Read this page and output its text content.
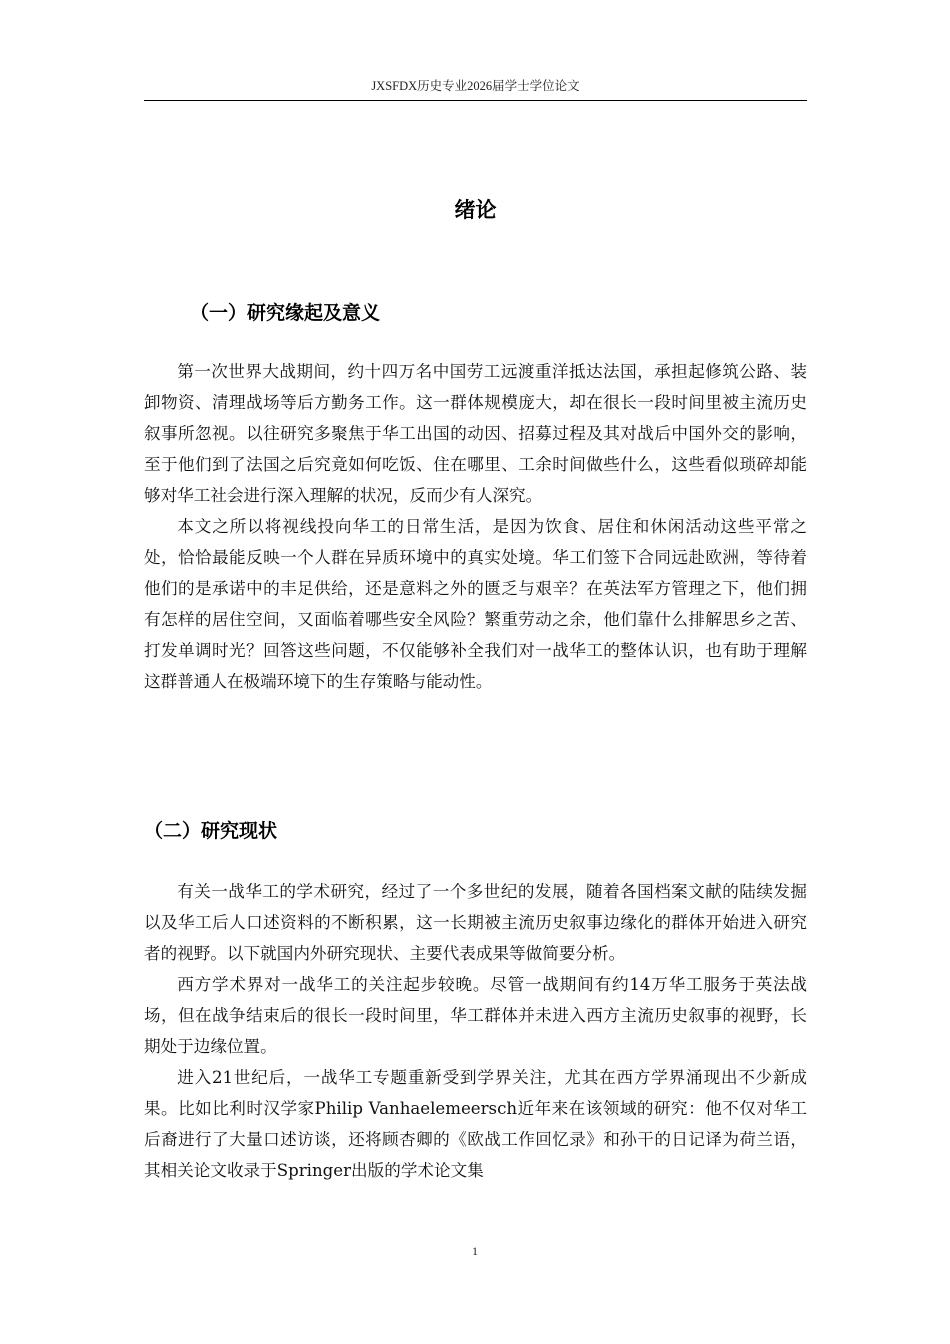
JXSFDX历史专业2026届学士学位论文
绪论
（一）研究缘起及意义

第一次世界大战期间，约十四万名中国劳工远渡重洋抵达法国，承担起修筑公路、装卸物资、清理战场等后方勤务工作。这一群体规模庞大，却在很长一段时间里被主流历史叙事所忽视。以往研究多聚焦于华工出国的动因、招募过程及其对战后中国外交的影响，至于他们到了法国之后究竟如何吃饭、住在哪里、工余时间做些什么，这些看似琐碎却能够对华工社会进行深入理解的状况，反而少有人深究。

本文之所以将视线投向华工的日常生活，是因为饮食、居住和休闲活动这些平常之处，恰恰最能反映一个人群在异质环境中的真实处境。华工们签下合同远赴欧洲，等待着他们的是承诺中的丰足供给，还是意料之外的匮乏与艰辛？在英法军方管理之下，他们拥有怎样的居住空间，又面临着哪些安全风险？繁重劳动之余，他们靠什么排解思乡之苦、打发单调时光？回答这些问题，不仅能够补全我们对一战华工的整体认识，也有助于理解这群普通人在极端环境下的生存策略与能动性。

（二）研究现状

有关一战华工的学术研究，经过了一个多世纪的发展，随着各国档案文献的陆续发掘以及华工后人口述资料的不断积累，这一长期被主流历史叙事边缘化的群体开始进入研究者的视野。以下就国内外研究现状、主要代表成果等做简要分析。

西方学术界对一战华工的关注起步较晚。尽管一战期间有约14万华工服务于英法战场，但在战争结束后的很长一段时间里，华工群体并未进入西方主流历史叙事的视野，长期处于边缘位置。

进入21世纪后，一战华工专题重新受到学界关注，尤其在西方学界涌现出不少新成果。比如比利时汉学家Philip Vanhaelemeersch近年来在该领域的研究：他不仅对华工后裔进行了大量口述访谈，还将顾杏卿的《欧战工作回忆录》和孙干的日记译为荷兰语，其相关论文收录于Springer出版的学术论文集

1
